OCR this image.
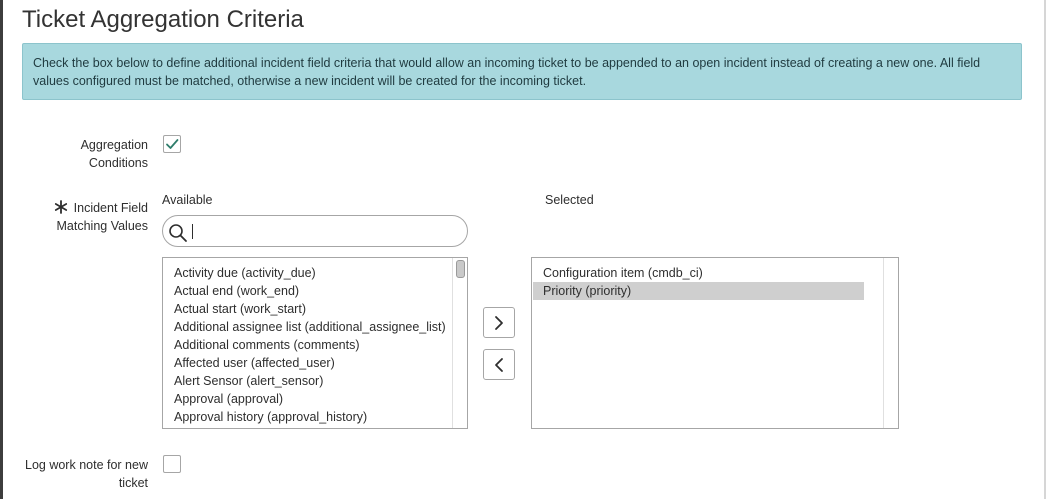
Ticket Aggregation Criteria
Check the box below to define additional incident field criteria that would allow an incoming ticket to be appended to an open incident instead of creating a new one. All field values configured must be matched, otherwise a new incident will be created for the incoming ticket.
Aggregation
Conditions
Incident Field
Matching Values
Available	Selected
Activity due (activity_due)
Actual end (work_end)
Actual start (work_start)
Additional assignee list (additional_assignee_list)
Additional comments (comments)
Affected user (affected_user)
Alert Sensor (alert_sensor)
Approval (approval)
Approval history (approval_history)
Configuration item (cmdb_ci)
Priority (priority)
Log work note for new
ticket
